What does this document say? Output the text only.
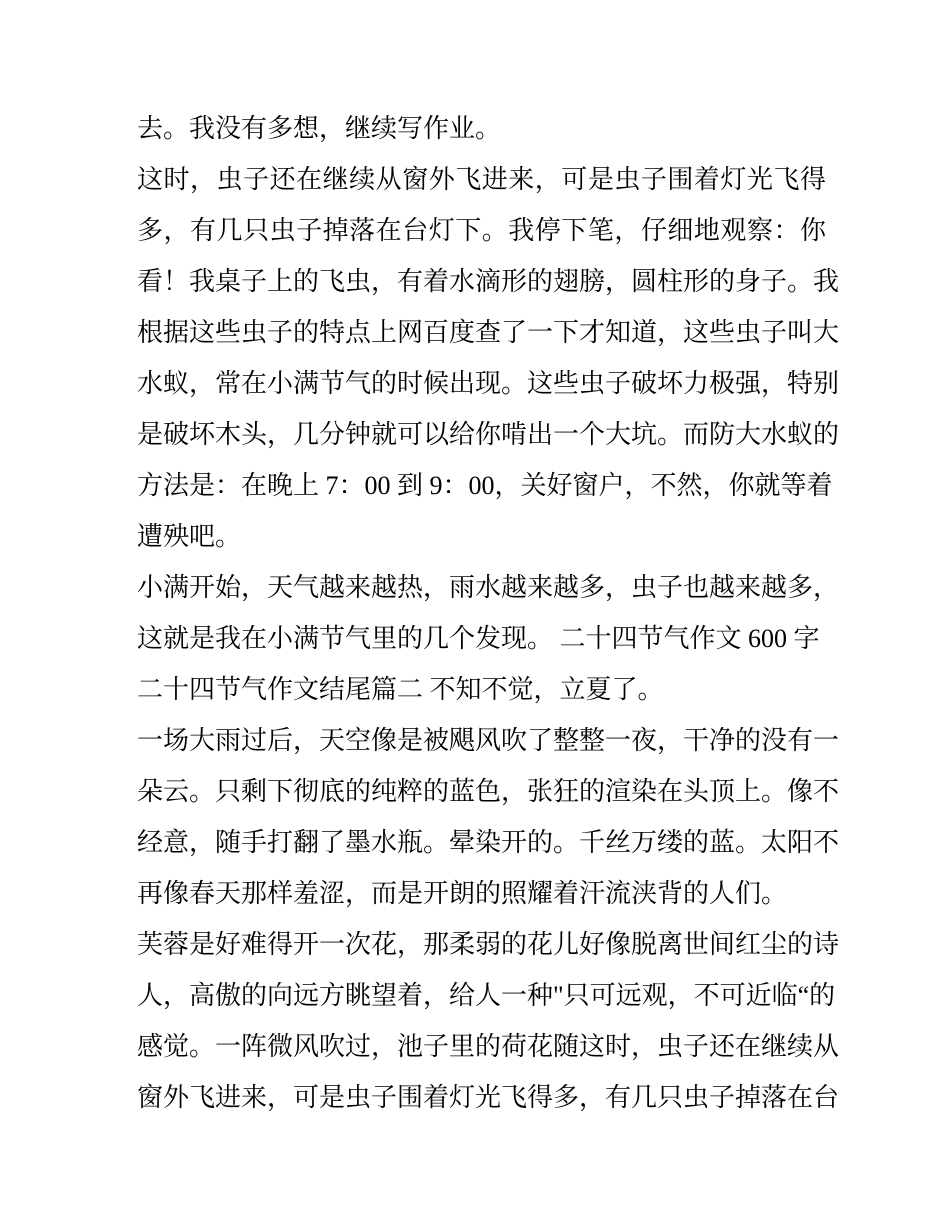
去。我没有多想，继续写作业。
这时，虫子还在继续从窗外飞进来，可是虫子围着灯光飞得
多，有几只虫子掉落在台灯下。我停下笔，仔细地观察：你
看！我桌子上的飞虫，有着水滴形的翅膀，圆柱形的身子。我
根据这些虫子的特点上网百度查了一下才知道，这些虫子叫大
水蚁，常在小满节气的时候出现。这些虫子破坏力极强，特别
是破坏木头，几分钟就可以给你啃出一个大坑。而防大水蚁的
方法是：在晚上 7：00 到 9：00，关好窗户，不然，你就等着
遭殃吧。
小满开始，天气越来越热，雨水越来越多，虫子也越来越多，
这就是我在小满节气里的几个发现。 二十四节气作文 600 字
二十四节气作文结尾篇二 不知不觉，立夏了。
一场大雨过后，天空像是被飓风吹了整整一夜，干净的没有一
朵云。只剩下彻底的纯粹的蓝色，张狂的渲染在头顶上。像不
经意，随手打翻了墨水瓶。晕染开的。千丝万缕的蓝。太阳不
再像春天那样羞涩，而是开朗的照耀着汗流浃背的人们。
芙蓉是好难得开一次花，那柔弱的花儿好像脱离世间红尘的诗
人，高傲的向远方眺望着，给人一种"只可远观，不可近临“的
感觉。一阵微风吹过，池子里的荷花随这时，虫子还在继续从
窗外飞进来，可是虫子围着灯光飞得多，有几只虫子掉落在台
